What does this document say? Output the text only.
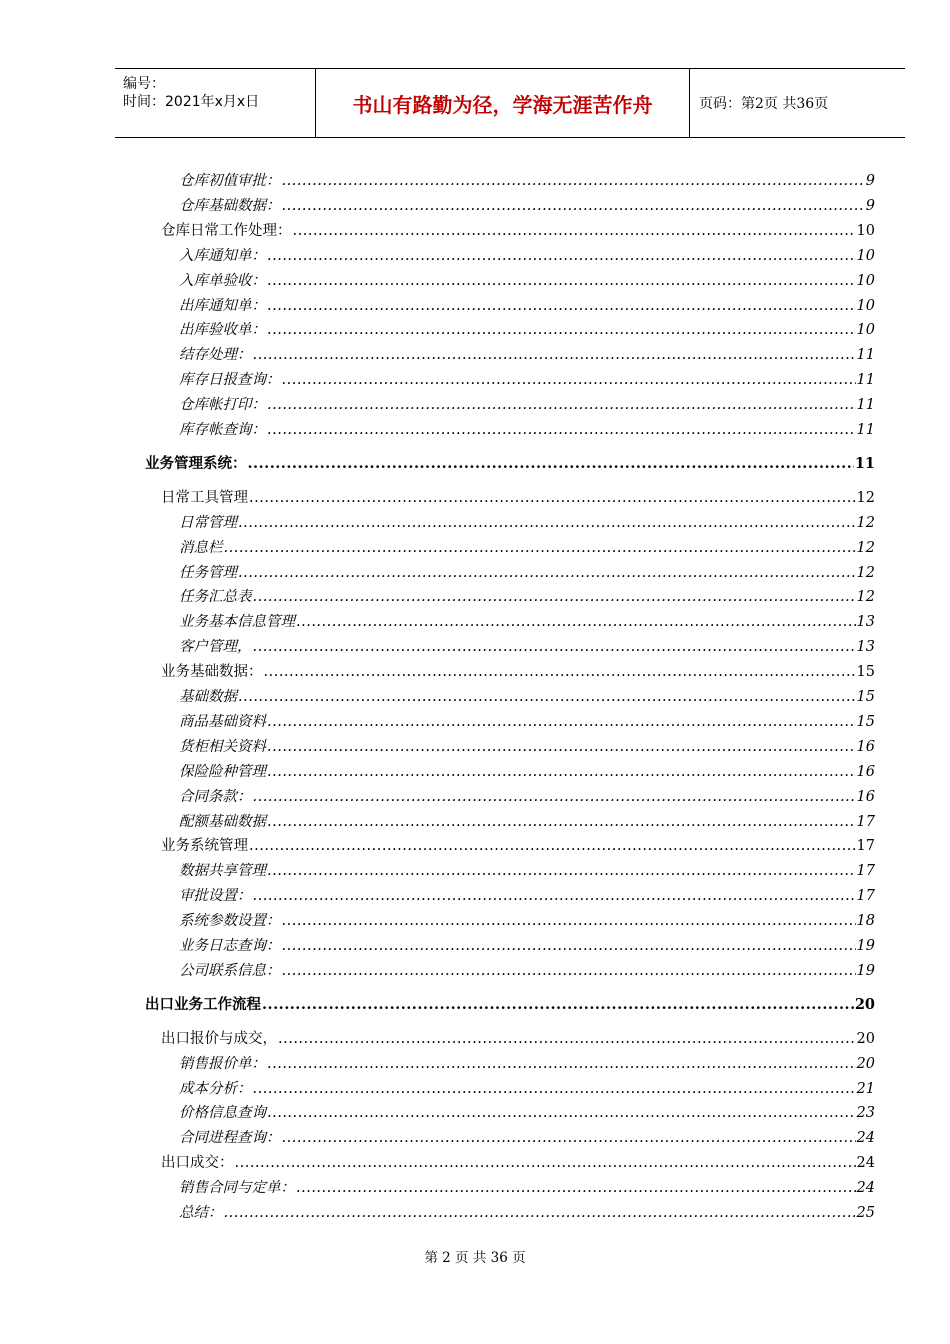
编号：
时间：2021年x月x日	书山有路勤为径，学海无涯苦作舟	页码：第2页 共36页
仓库初值审批： .....	9
仓库基础数据： .....	9
仓库日常工作处理： .....	10
入库通知单： .....	10
入库单验收： .....	10
出库通知单： .....	10
出库验收单： .....	10
结存处理： .....	11
库存日报查询： .....	11
仓库帐打印： .....	11
库存帐查询： .....	11
业务管理系统： .....	11
日常工具管理 .....	12
日常管理 .....	12
消息栏 .....	12
任务管理 .....	12
任务汇总表 .....	12
业务基本信息管理 .....	13
客户管理， .....	13
业务基础数据： .....	15
基础数据 .....	15
商品基础资料 .....	15
货柜相关资料 .....	16
保险险种管理 .....	16
合同条款： .....	16
配额基础数据 .....	17
业务系统管理 .....	17
数据共享管理 .....	17
审批设置： .....	17
系统参数设置： .....	18
业务日志查询： .....	19
公司联系信息： .....	19
出口业务工作流程 .....	20
出口报价与成交， .....	20
销售报价单： .....	20
成本分析： .....	21
价格信息查询 .....	23
合同进程查询： .....	24
出口成交： .....	24
销售合同与定单： .....	24
总结： .....	25
第 2 页 共 36 页
